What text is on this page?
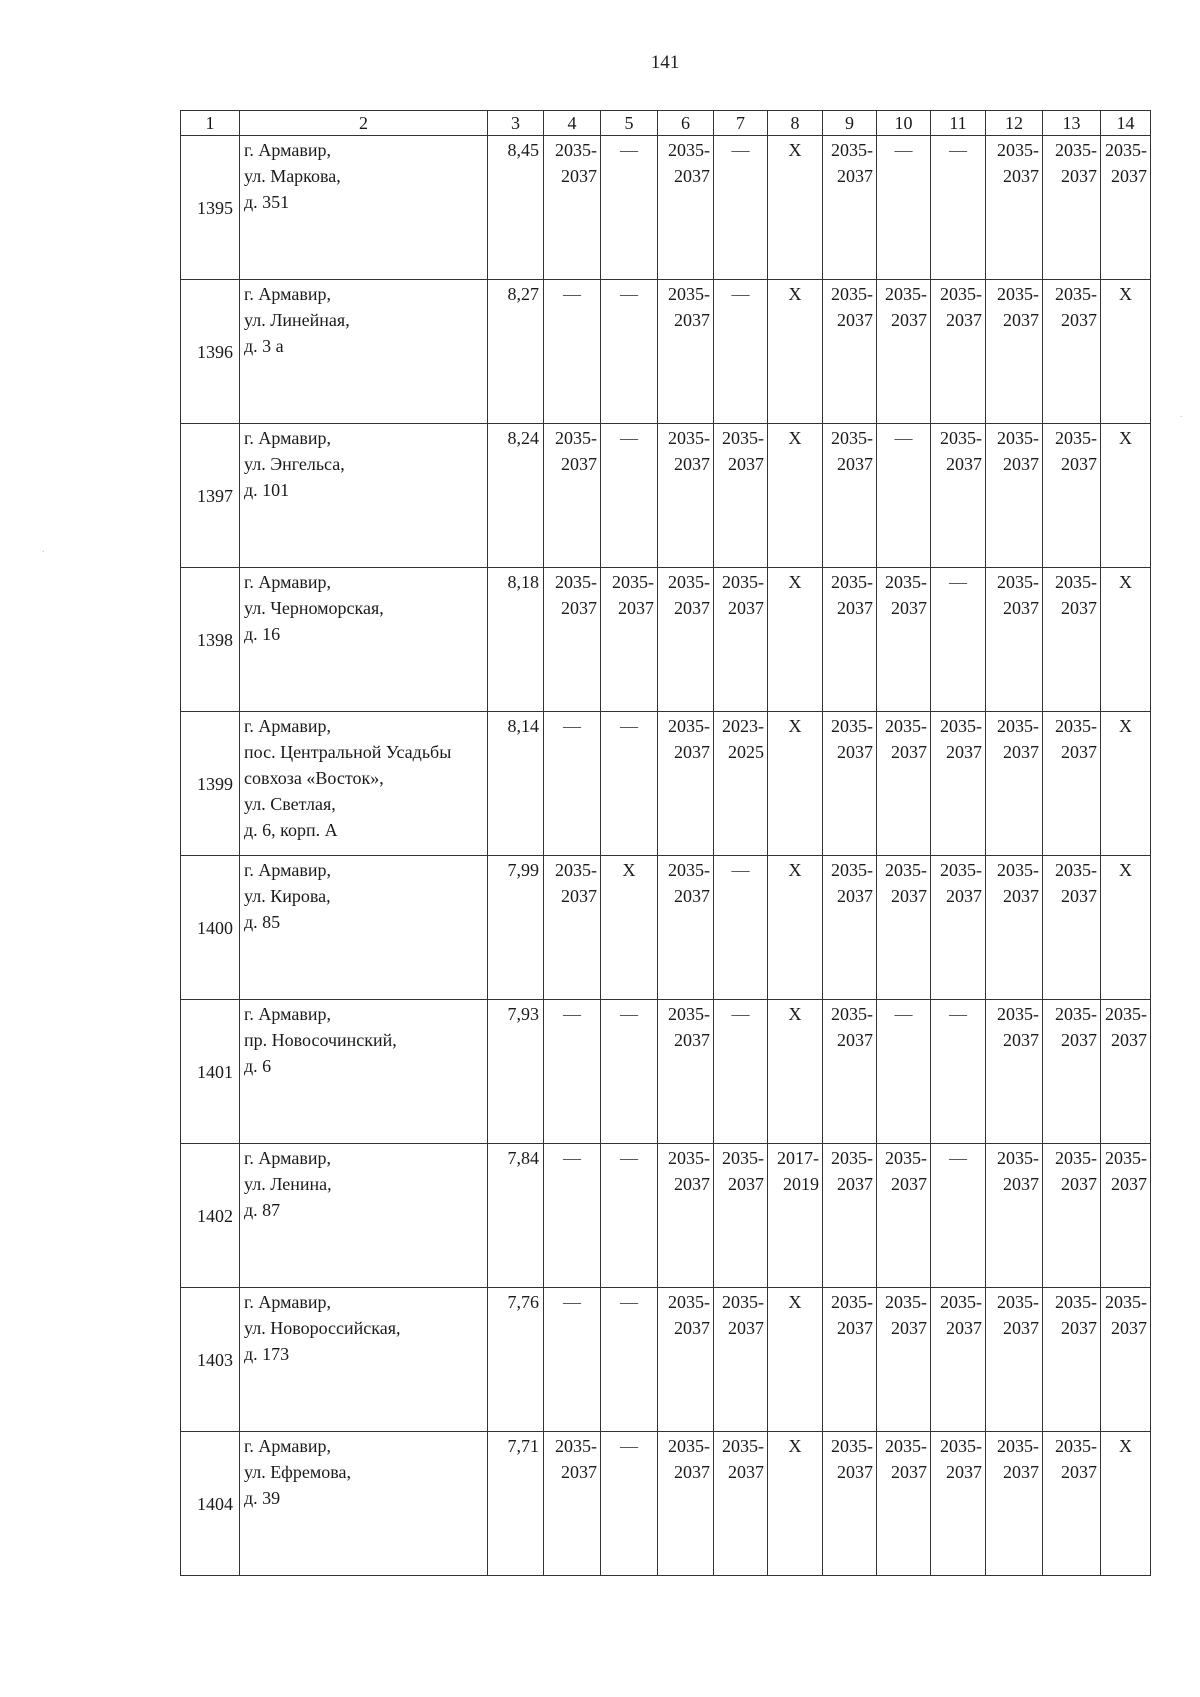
141
.
.
1	2	3	4	5	6	7	8	9	10	11	12	13	14
1395	г. Армавир,
ул. Маркова,
д. 351	8,45	2035-
2037	—	2035-
2037	—	X	2035-
2037	—	—	2035-
2037	2035-
2037	2035-
2037

1396	г. Армавир,
ул. Линейная,
д. 3 а	8,27	—	—	2035-
2037	—	X	2035-
2037	2035-
2037	2035-
2037	2035-
2037	2035-
2037	X

1397	г. Армавир,
ул. Энгельса,
д. 101	8,24	2035-
2037	—	2035-
2037	2035-
2037	X	2035-
2037	—	2035-
2037	2035-
2037	2035-
2037	X

1398	г. Армавир,
ул. Черноморская,
д. 16	8,18	2035-
2037	2035-
2037	2035-
2037	2035-
2037	X	2035-
2037	2035-
2037	—	2035-
2037	2035-
2037	X

1399	г. Армавир,
пос. Центральной Усадьбы
совхоза «Восток»,
ул. Светлая,
д. 6, корп. А	8,14	—	—	2035-
2037	2023-
2025	X	2035-
2037	2035-
2037	2035-
2037	2035-
2037	2035-
2037	X

1400	г. Армавир,
ул. Кирова,
д. 85	7,99	2035-
2037	X	2035-
2037	—	X	2035-
2037	2035-
2037	2035-
2037	2035-
2037	2035-
2037	X

1401	г. Армавир,
пр. Новосочинский,
д. 6	7,93	—	—	2035-
2037	—	X	2035-
2037	—	—	2035-
2037	2035-
2037	2035-
2037

1402	г. Армавир,
ул. Ленина,
д. 87	7,84	—	—	2035-
2037	2035-
2037	2017-
2019	2035-
2037	2035-
2037	—	2035-
2037	2035-
2037	2035-
2037

1403	г. Армавир,
ул. Новороссийская,
д. 173	7,76	—	—	2035-
2037	2035-
2037	X	2035-
2037	2035-
2037	2035-
2037	2035-
2037	2035-
2037	2035-
2037

1404	г. Армавир,
ул. Ефремова,
д. 39	7,71	2035-
2037	—	2035-
2037	2035-
2037	X	2035-
2037	2035-
2037	2035-
2037	2035-
2037	2035-
2037	X
